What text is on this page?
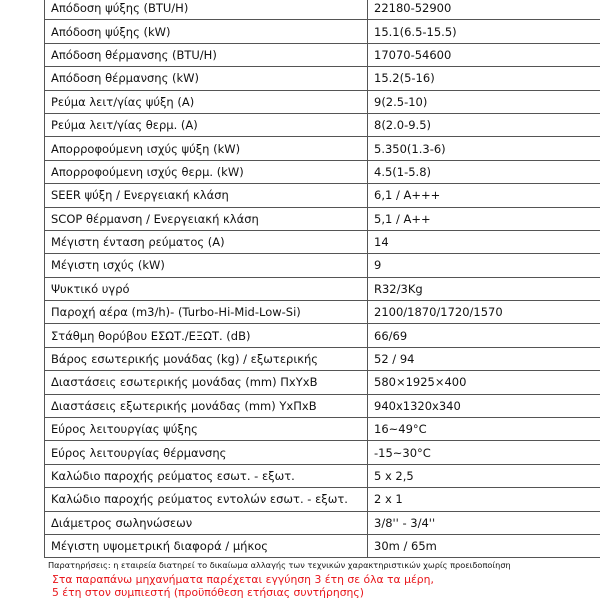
Απόδοση ψύξης (BTU/H)	22180-52900
Απόδοση ψύξης (kW)	15.1(6.5-15.5)
Απόδοση θέρμανσης (BTU/H)	17070-54600
Απόδοση θέρμανσης (kW)	15.2(5-16)
Ρεύμα λειτ/γίας ψύξη (A)	9(2.5-10)
Ρεύμα λειτ/γίας θερμ. (A)	8(2.0-9.5)
Απορροφούμενη ισχύς ψύξη (kW)	5.350(1.3-6)
Απορροφούμενη ισχύς θερμ. (kW)	4.5(1-5.8)
SEER ψύξη / Ενεργειακή κλάση	6,1 / A+++
SCOP θέρμανση / Ενεργειακή κλάση	5,1 / A++
Μέγιστη ένταση ρεύματος (A)	14
Μέγιστη ισχύς (kW)	9
Ψυκτικό υγρό	R32/3Kg
Παροχή αέρα (m3/h)- (Turbo-Hi-Mid-Low-Si)	2100/1870/1720/1570
Στάθμη θορύβου ΕΣΩΤ./ΕΞΩΤ. (dB)	66/69
Βάρος εσωτερικής μονάδας (kg) / εξωτερικής	52 / 94
Διαστάσεις εσωτερικής μονάδας (mm) ΠxYxB	580×1925×400
Διαστάσεις εξωτερικής μονάδας (mm) YxΠxB	940x1320x340
Εύρος λειτουργίας ψύξης	16~49°C
Εύρος λειτουργίας θέρμανσης	-15~30°C
Καλώδιο παροχής ρεύματος εσωτ. - εξωτ.	5 x 2,5
Καλώδιο παροχής ρεύματος εντολών εσωτ. - εξωτ.	2 x 1
Διάμετρος σωληνώσεων	3/8'' - 3/4''
Μέγιστη υψομετρική διαφορά / μήκος	30m / 65m
Παρατηρήσεις: η εταιρεία διατηρεί το δικαίωμα αλλαγής των τεχνικών χαρακτηριστικών χωρίς προειδοποίηση
Στα παραπάνω μηχανήματα παρέχεται εγγύηση 3 έτη σε όλα τα μέρη,
5 έτη στον συμπιεστή (προϋπόθεση ετήσιας συντήρησης)
